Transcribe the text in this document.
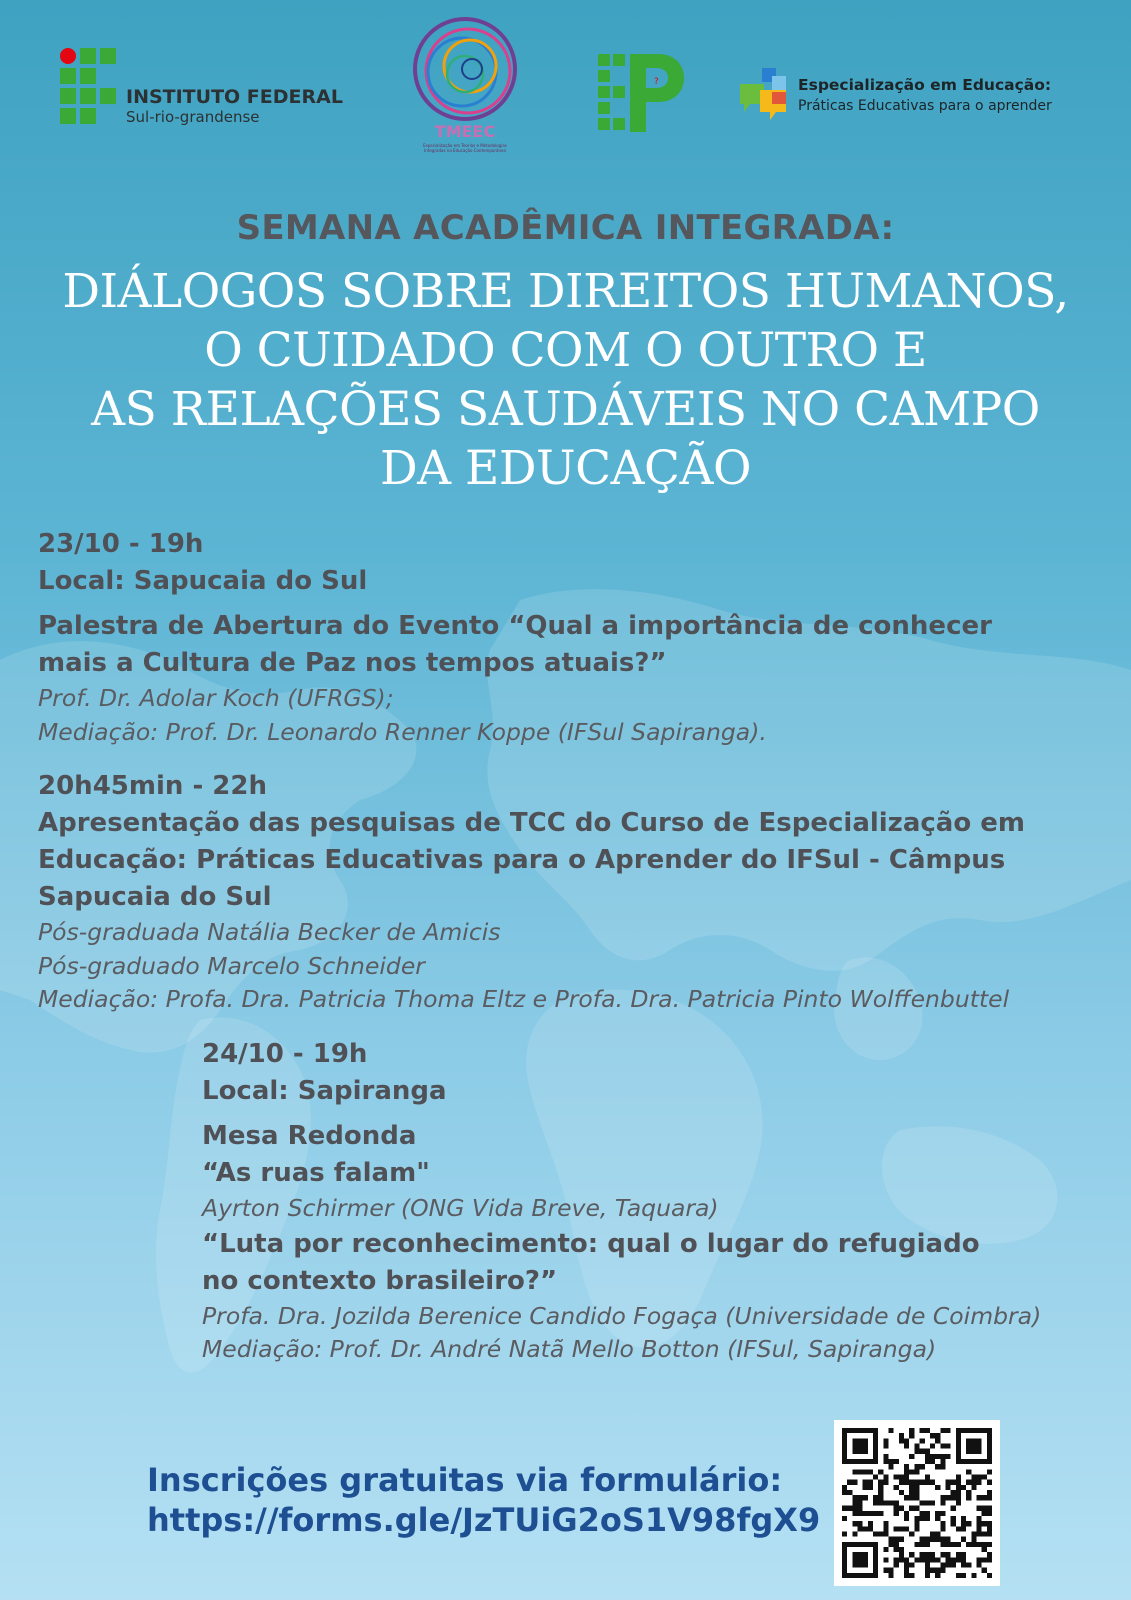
INSTITUTO FEDERAL
Sul-rio-grandense
TMEEC
Especialização em Teorias e Metodologias Integradas na Educação Contemporânea
?	Especialização em Educação:
Práticas Educativas para o aprender
SEMANA ACADÊMICA INTEGRADA:
DIÁLOGOS SOBRE DIREITOS HUMANOS,
O CUIDADO COM O OUTRO E
AS RELAÇÕES SAUDÁVEIS NO CAMPO
DA EDUCAÇÃO
23/10 - 19h
Local: Sapucaia do Sul
Palestra de Abertura do Evento “Qual a importância de conhecer
mais a Cultura de Paz nos tempos atuais?”
Prof. Dr. Adolar Koch (UFRGS);
Mediação: Prof. Dr. Leonardo Renner Koppe (IFSul Sapiranga).
20h45min - 22h
Apresentação das pesquisas de TCC do Curso de Especialização em
Educação: Práticas Educativas para o Aprender do IFSul - Câmpus
Sapucaia do Sul
Pós-graduada Natália Becker de Amicis
Pós-graduado Marcelo Schneider
Mediação: Profa. Dra. Patricia Thoma Eltz e Profa. Dra. Patricia Pinto Wolffenbuttel
24/10 - 19h
Local: Sapiranga
Mesa Redonda
“As ruas falam"
Ayrton Schirmer (ONG Vida Breve, Taquara)
“Luta por reconhecimento: qual o lugar do refugiado
no contexto brasileiro?”
Profa. Dra. Jozilda Berenice Candido Fogaça (Universidade de Coimbra)
Mediação: Prof. Dr. André Natã Mello Botton (IFSul, Sapiranga)
Inscrições gratuitas via formulário:
https://forms.gle/JzTUiG2oS1V98fgX9
